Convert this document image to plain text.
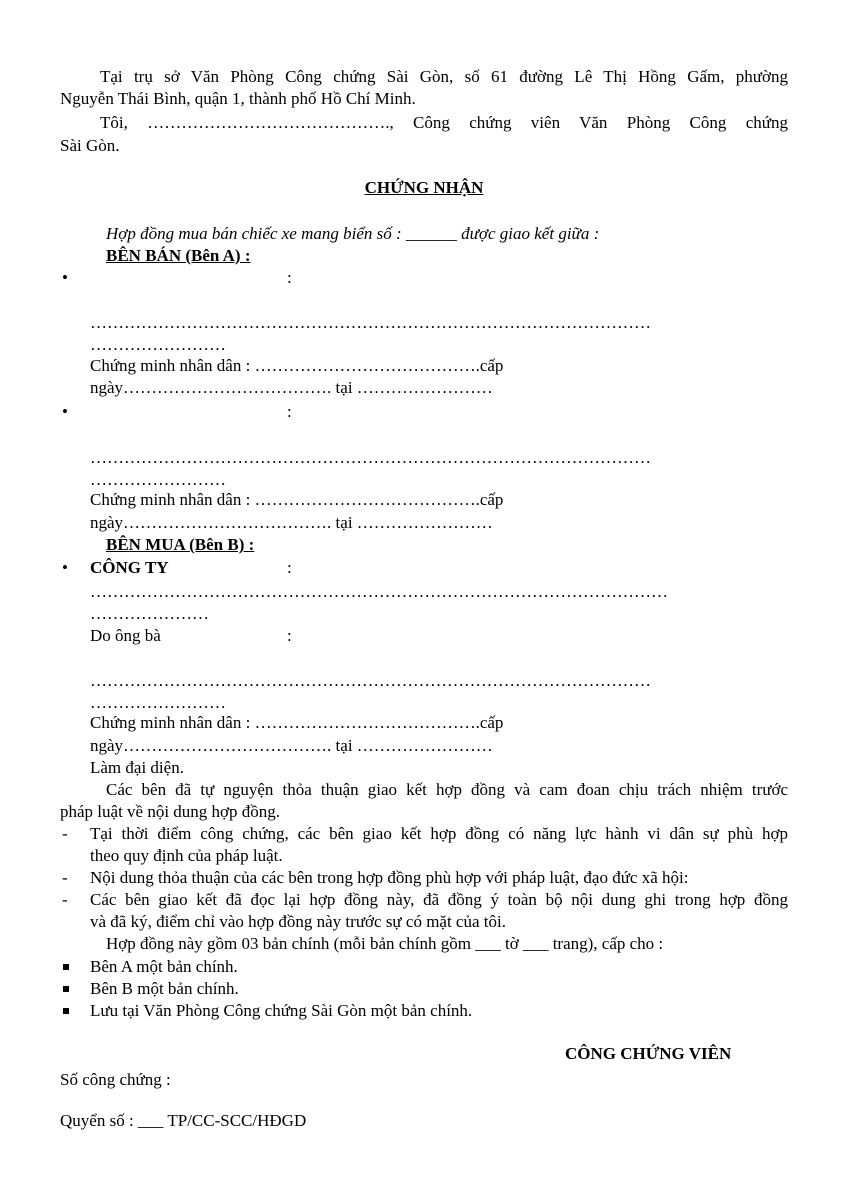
Tại trụ sở Văn Phòng Công chứng Sài Gòn, số 61 đường Lê Thị Hồng Gấm, phường
Nguyễn Thái Bình, quận 1, thành phố Hồ Chí Minh.
Tôi, ……………………………………., Công chứng viên Văn Phòng Công chứng
Sài Gòn.
CHỨNG NHẬN
Hợp đồng mua bán chiếc xe mang biển số : ______ được giao kết giữa :
BÊN BÁN (Bên A) :
•	:
………………………………………………………………………………………
……………………
Chứng minh nhân dân : ………………………………….cấp
ngày………………………………. tại ……………………
•	:
………………………………………………………………………………………
……………………
Chứng minh nhân dân : ………………………………….cấp
ngày………………………………. tại ……………………
BÊN MUA (Bên B) :
• CÔNG TY	:
…………………………………………………………………………………………
…………………
Do ông bà	:
………………………………………………………………………………………
……………………
Chứng minh nhân dân : ………………………………….cấp
ngày………………………………. tại ……………………
Làm đại diện.
Các bên đã tự nguyện thỏa thuận giao kết hợp đồng và cam đoan chịu trách nhiệm trước
pháp luật về nội dung hợp đồng.
- Tại thời điểm công chứng, các bên giao kết hợp đồng có năng lực hành vi dân sự phù hợp
theo quy định của pháp luật.
- Nội dung thỏa thuận của các bên trong hợp đồng phù hợp với pháp luật, đạo đức xã hội:
- Các bên giao kết đã đọc lại hợp đồng này, đã đồng ý toàn bộ nội dung ghi trong hợp đồng
và đã ký, điểm chỉ vào hợp đồng này trước sự có mặt của tôi.
Hợp đồng này gồm 03 bản chính (mỗi bản chính gồm ___ tờ ___ trang), cấp cho :
Bên A một bản chính.
Bên B một bản chính.
Lưu tại Văn Phòng Công chứng Sài Gòn một bản chính.
CÔNG CHỨNG VIÊN
Số công chứng :
Quyển số : ___ TP/CC-SCC/HĐGD
